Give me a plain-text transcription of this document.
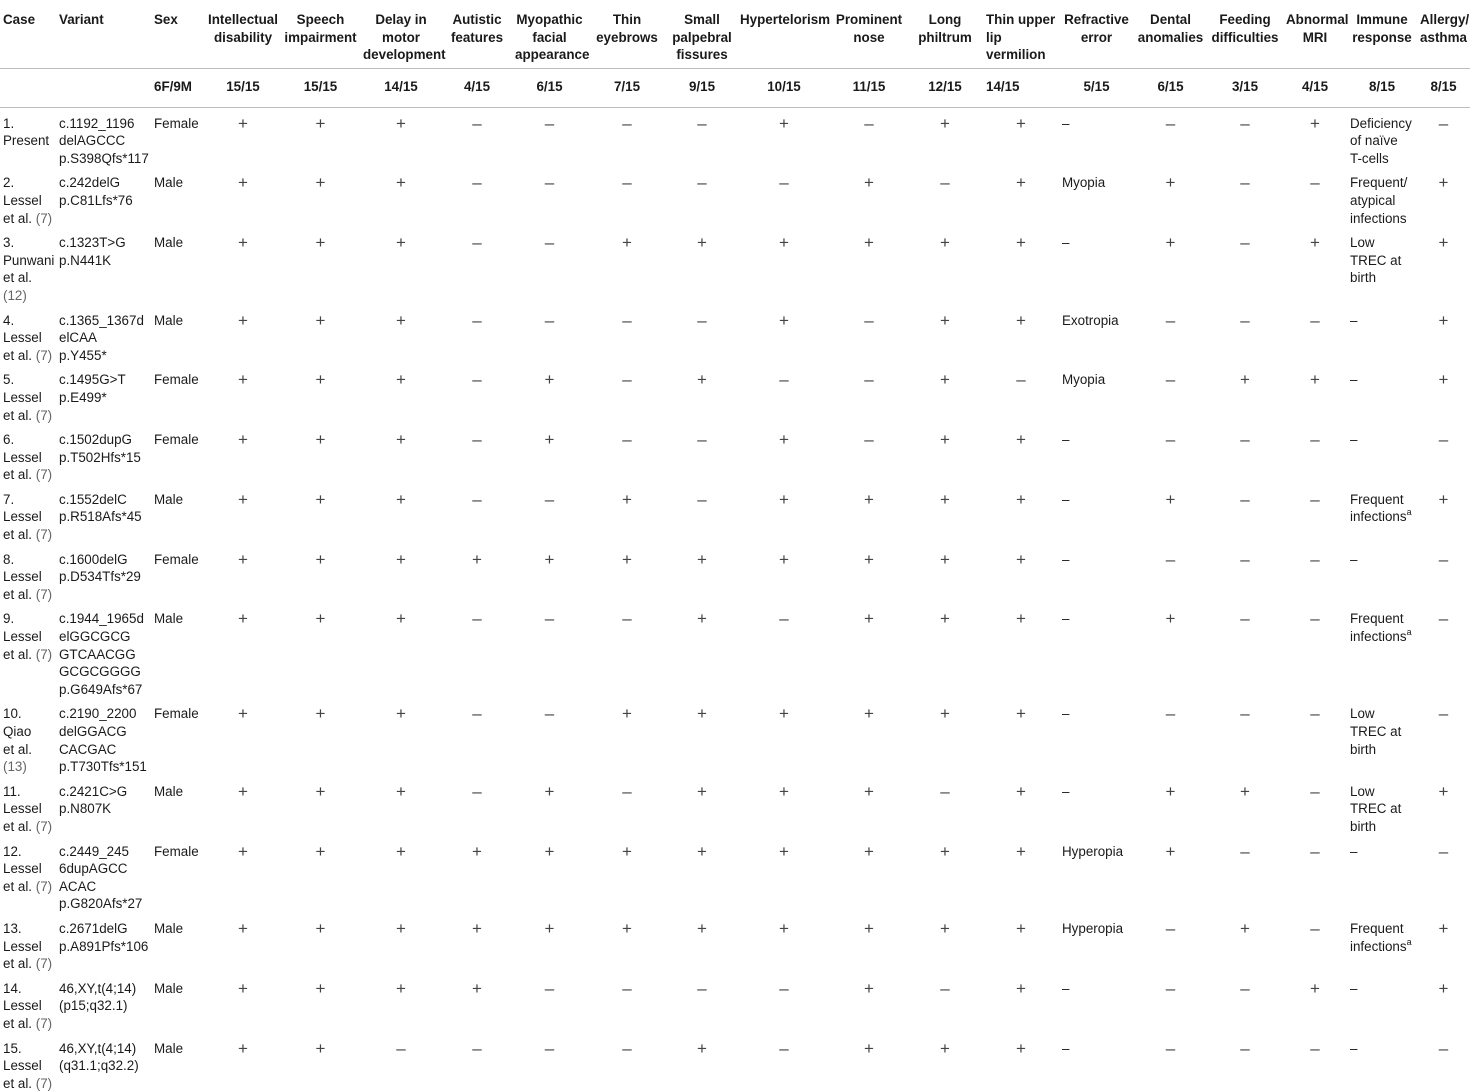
Case	Variant	Sex	Intellectual disability	Speech impairment	Delay in motor development	Autistic features	Myopathic facial appearance	Thin eyebrows	Small palpebral fissures	Hypertelorism	Prominent nose	Long philtrum	Thin upper lip vermilion	Refractive error	Dental anomalies	Feeding difficulties	Abnormal MRI	Immune response	Allergy/ asthma
		6F/9M	15/15	15/15	14/15	4/15	6/15	7/15	9/15	10/15	11/15	12/15	14/15	5/15	6/15	3/15	4/15	8/15	8/15
1.
Present	c.1192_1196
delAGCCC
p.S398Qfs*117	Female	+	+	+	–	–	–	–	+	–	+	+	–	–	–	+	Deficiency
of naïve
T-cells	–
2.
Lessel
et al. (7)	c.242delG
p.C81Lfs*76	Male	+	+	+	–	–	–	–	–	+	–	+	Myopia	+	–	–	Frequent/
atypical
infections	+
3.
Punwani
et al. (12)	c.1323T>G
p.N441K	Male	+	+	+	–	–	+	+	+	+	+	+	–	+	–	+	Low
TREC at
birth	+
4.
Lessel
et al. (7)	c.1365_1367d
elCAA
p.Y455*	Male	+	+	+	–	–	–	–	+	–	+	+	Exotropia	–	–	–	–	+
5.
Lessel
et al. (7)	c.1495G>T
p.E499*	Female	+	+	+	–	+	–	+	–	–	+	–	Myopia	–	+	+	–	+
6.
Lessel
et al. (7)	c.1502dupG
p.T502Hfs*15	Female	+	+	+	–	+	–	–	+	–	+	+	–	–	–	–	–	–
7.
Lessel
et al. (7)	c.1552delC
p.R518Afs*45	Male	+	+	+	–	–	+	–	+	+	+	+	–	+	–	–	Frequent
infections$^a$	+
8.
Lessel
et al. (7)	c.1600delG
p.D534Tfs*29	Female	+	+	+	+	+	+	+	+	+	+	+	–	–	–	–	–	–
9.
Lessel
et al. (7)	c.1944_1965d
elGGCGCG
GTCAACGG
GCGCGGGG
p.G649Afs*67	Male	+	+	+	–	–	–	+	–	+	+	+	–	+	–	–	Frequent
infections$^a$	–
10.
Qiao
et al. (13)	c.2190_2200
delGGACG
CACGAC
p.T730Tfs*151	Female	+	+	+	–	–	+	+	+	+	+	+	–	–	–	–	Low
TREC at
birth	–
11.
Lessel
et al. (7)	c.2421C>G
p.N807K	Male	+	+	+	–	+	–	+	+	+	–	+	–	+	+	–	Low
TREC at
birth	+
12.
Lessel
et al. (7)	c.2449_245
6dupAGCC
ACAC
p.G820Afs*27	Female	+	+	+	+	+	+	+	+	+	+	+	Hyperopia	+	–	–	–	–
13.
Lessel
et al. (7)	c.2671delG
p.A891Pfs*106	Male	+	+	+	+	+	+	+	+	+	+	+	Hyperopia	–	+	–	Frequent
infections$^a$	+
14.
Lessel
et al. (7)	46,XY,t(4;14)
(p15;q32.1)	Male	+	+	+	+	–	–	–	–	+	–	+	–	–	–	+	–	+
15.
Lessel
et al. (7)	46,XY,t(4;14)
(q31.1;q32.2)	Male	+	+	–	–	–	–	+	–	+	+	+	–	–	–	–	–	–
